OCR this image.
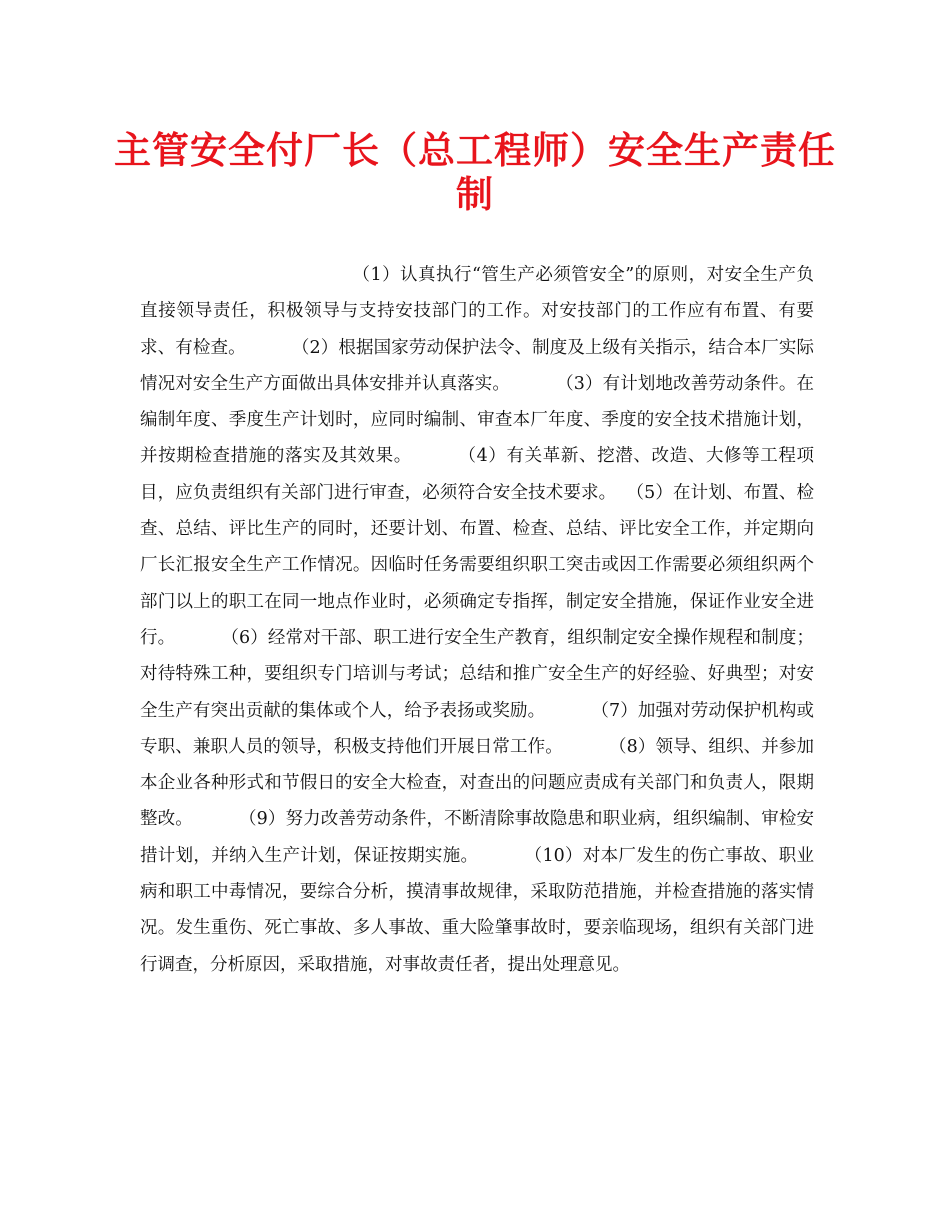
主管安全付厂长（总工程师）安全生产责任制

（1）认真执行“管生产必须管安全”的原则，对安全生产负直接领导责任，积极领导与支持安技部门的工作。对安技部门的工作应有布置、有要求、有检查。	（2）根据国家劳动保护法令、制度及上级有关指示，结合本厂实际情况对安全生产方面做出具体安排并认真落实。	（3）有计划地改善劳动条件。在编制年度、季度生产计划时，应同时编制、审查本厂年度、季度的安全技术措施计划，并按期检查措施的落实及其效果。	（4）有关革新、挖潜、改造、大修等工程项目，应负责组织有关部门进行审查，必须符合安全技术要求。 （5）在计划、布置、检查、总结、评比生产的同时，还要计划、布置、检查、总结、评比安全工作，并定期向厂长汇报安全生产工作情况。因临时任务需要组织职工突击或因工作需要必须组织两个部门以上的职工在同一地点作业时，必须确定专指挥，制定安全措施，保证作业安全进行。	（6）经常对干部、职工进行安全生产教育，组织制定安全操作规程和制度；对待特殊工种，要组织专门培训与考试；总结和推广安全生产的好经验、好典型；对安全生产有突出贡献的集体或个人，给予表扬或奖励。	（7）加强对劳动保护机构或专职、兼职人员的领导，积极支持他们开展日常工作。	（8）领导、组织、并参加本企业各种形式和节假日的安全大检查，对查出的问题应责成有关部门和负责人，限期整改。	（9）努力改善劳动条件，不断清除事故隐患和职业病，组织编制、审检安措计划，并纳入生产计划，保证按期实施。	（10）对本厂发生的伤亡事故、职业病和职工中毒情况，要综合分析，摸清事故规律，采取防范措施，并检查措施的落实情况。发生重伤、死亡事故、多人事故、重大险肇事故时，要亲临现场，组织有关部门进行调查，分析原因，采取措施，对事故责任者，提出处理意见。
